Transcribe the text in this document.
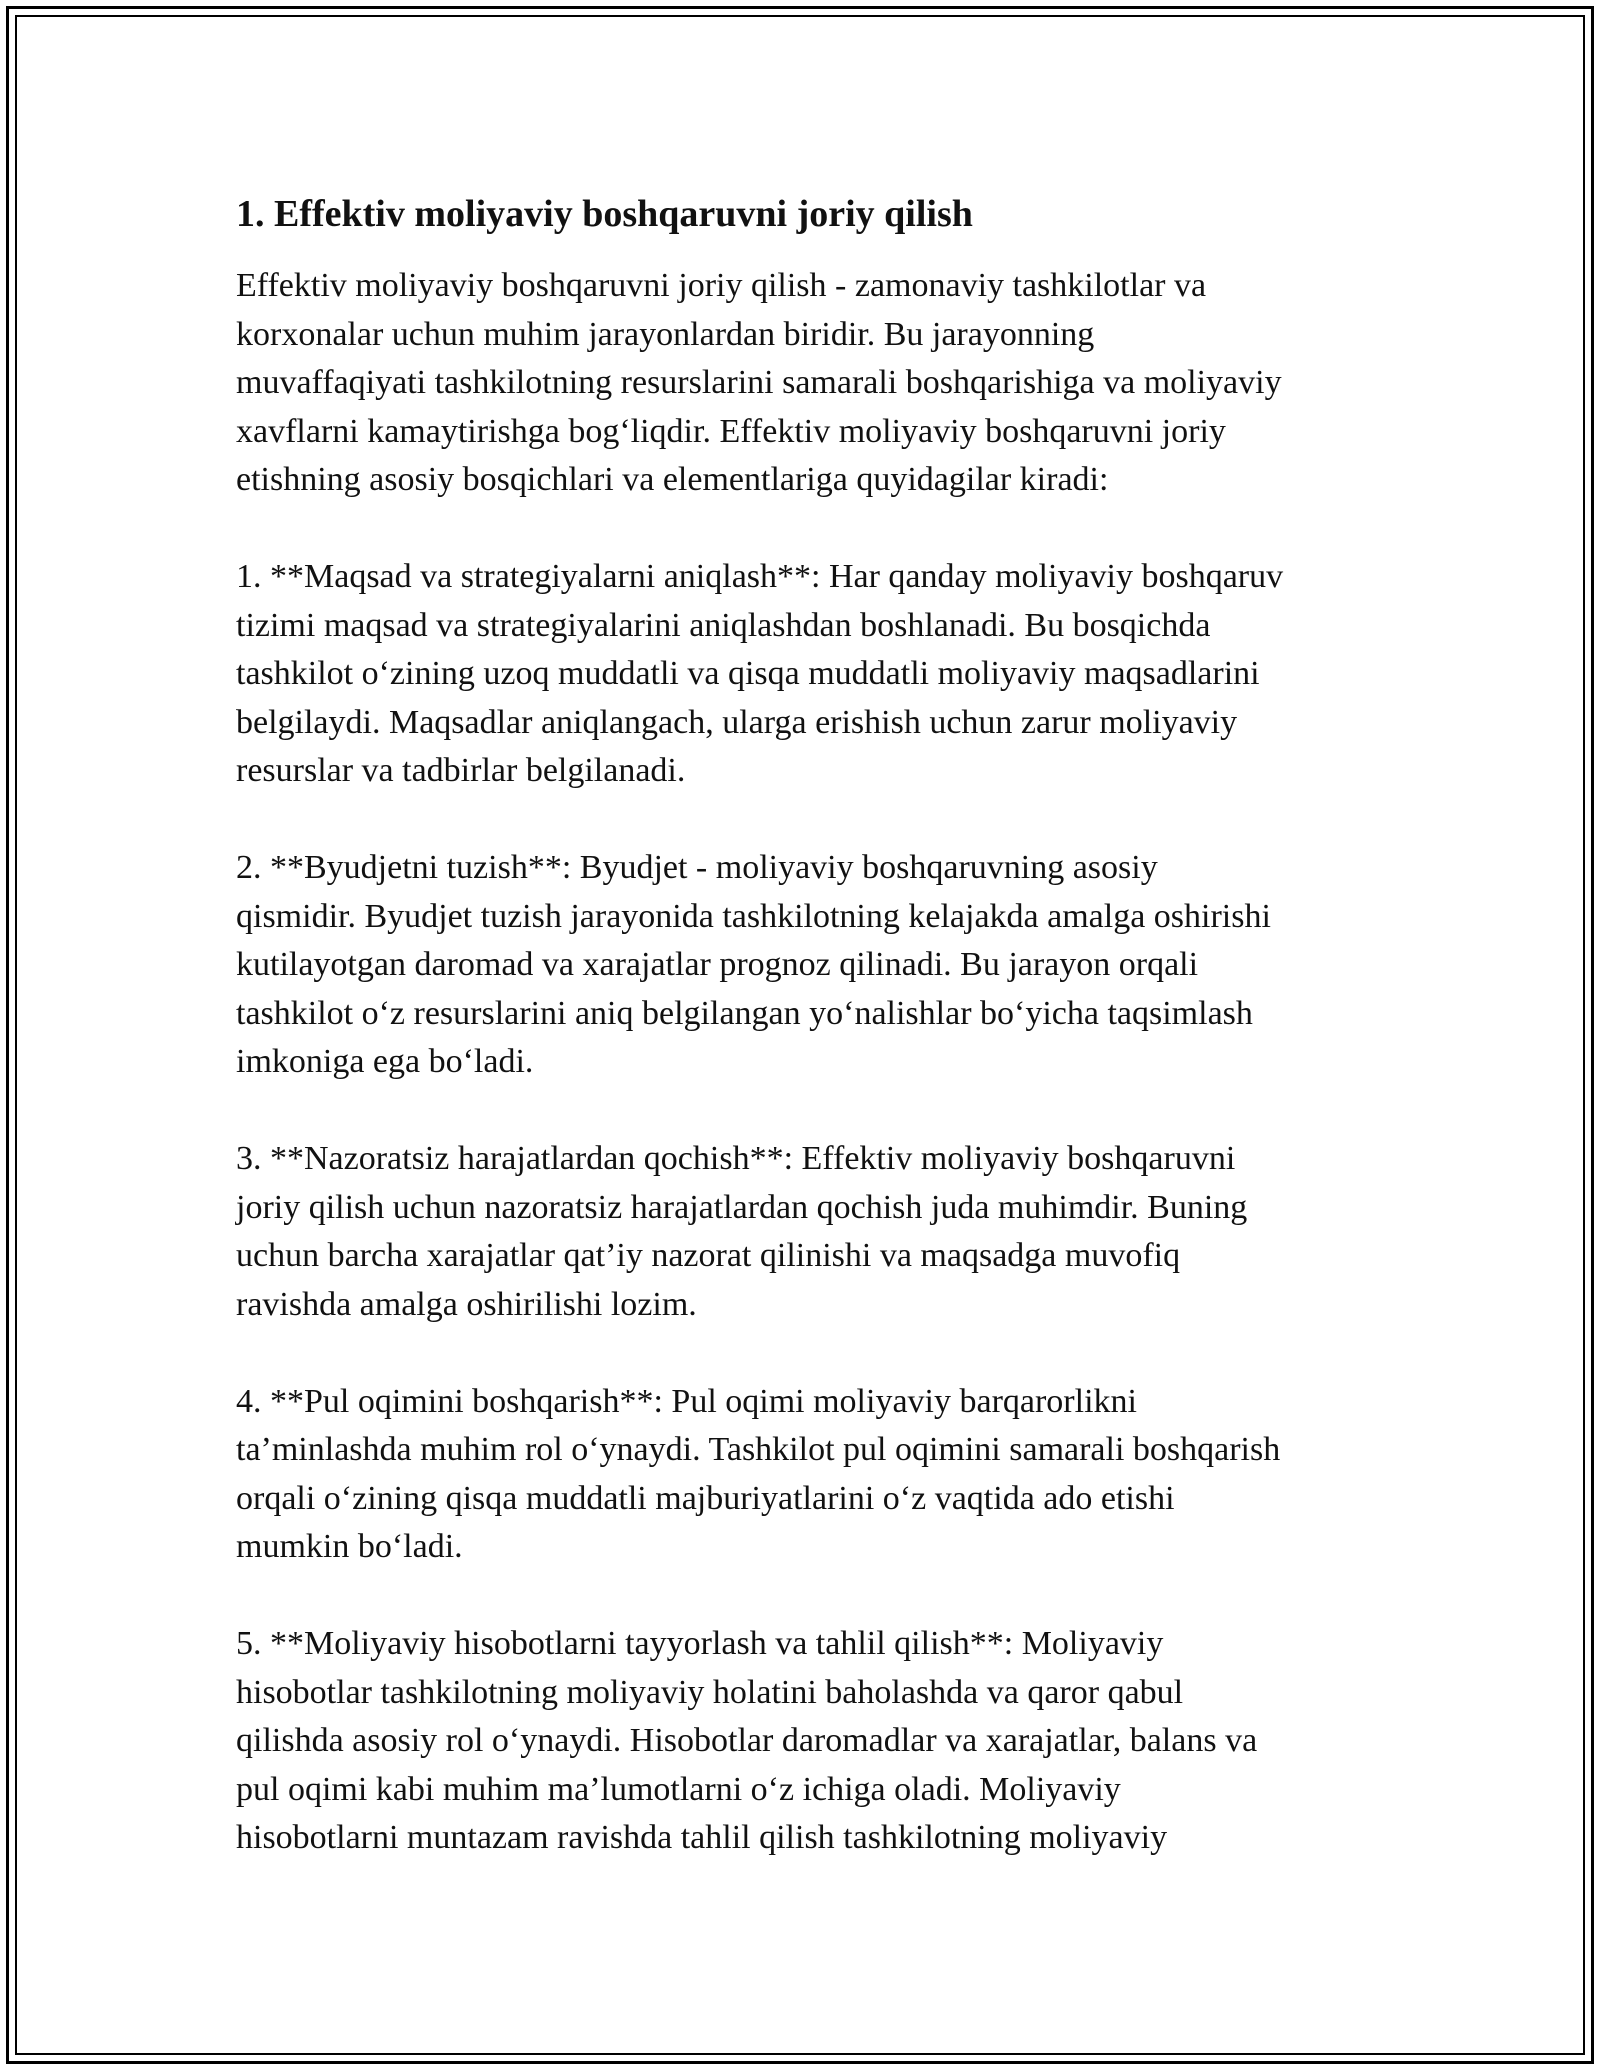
1. Effektiv moliyaviy boshqaruvni joriy qilish

Effektiv moliyaviy boshqaruvni joriy qilish - zamonaviy tashkilotlar va
korxonalar uchun muhim jarayonlardan biridir. Bu jarayonning
muvaffaqiyati tashkilotning resurslarini samarali boshqarishiga va moliyaviy
xavflarni kamaytirishga bog‘liqdir. Effektiv moliyaviy boshqaruvni joriy
etishning asosiy bosqichlari va elementlariga quyidagilar kiradi:

1. **Maqsad va strategiyalarni aniqlash**: Har qanday moliyaviy boshqaruv
tizimi maqsad va strategiyalarini aniqlashdan boshlanadi. Bu bosqichda
tashkilot o‘zining uzoq muddatli va qisqa muddatli moliyaviy maqsadlarini
belgilaydi. Maqsadlar aniqlangach, ularga erishish uchun zarur moliyaviy
resurslar va tadbirlar belgilanadi.

2. **Byudjetni tuzish**: Byudjet - moliyaviy boshqaruvning asosiy
qismidir. Byudjet tuzish jarayonida tashkilotning kelajakda amalga oshirishi
kutilayotgan daromad va xarajatlar prognoz qilinadi. Bu jarayon orqali
tashkilot o‘z resurslarini aniq belgilangan yo‘nalishlar bo‘yicha taqsimlash
imkoniga ega bo‘ladi.

3. **Nazoratsiz harajatlardan qochish**: Effektiv moliyaviy boshqaruvni
joriy qilish uchun nazoratsiz harajatlardan qochish juda muhimdir. Buning
uchun barcha xarajatlar qat’iy nazorat qilinishi va maqsadga muvofiq
ravishda amalga oshirilishi lozim.

4. **Pul oqimini boshqarish**: Pul oqimi moliyaviy barqarorlikni
ta’minlashda muhim rol o‘ynaydi. Tashkilot pul oqimini samarali boshqarish
orqali o‘zining qisqa muddatli majburiyatlarini o‘z vaqtida ado etishi
mumkin bo‘ladi.

5. **Moliyaviy hisobotlarni tayyorlash va tahlil qilish**: Moliyaviy
hisobotlar tashkilotning moliyaviy holatini baholashda va qaror qabul
qilishda asosiy rol o‘ynaydi. Hisobotlar daromadlar va xarajatlar, balans va
pul oqimi kabi muhim ma’lumotlarni o‘z ichiga oladi. Moliyaviy
hisobotlarni muntazam ravishda tahlil qilish tashkilotning moliyaviy
